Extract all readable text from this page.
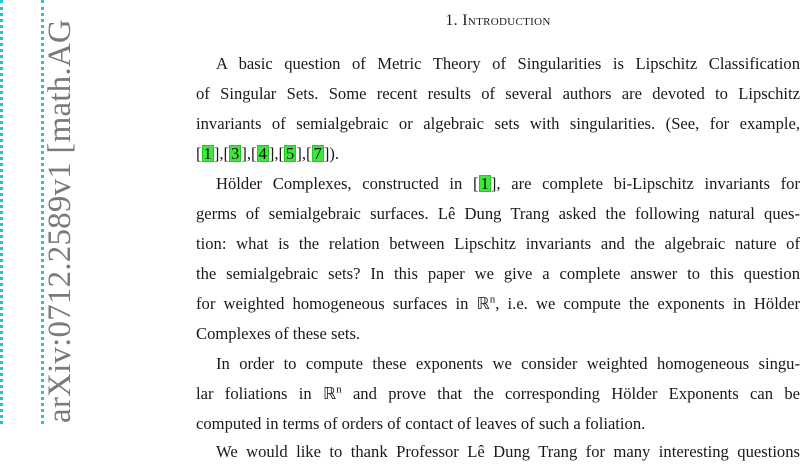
arXiv:0712.2589v1 [math.AG	1. Introduction
A basic question of Metric Theory of Singularities is Lipschitz Classification
of Singular Sets. Some recent results of several authors are devoted to Lipschitz
invariants of semialgebraic or algebraic sets with singularities. (See, for example,
[ 1 ],[ 3 ],[ 4 ],[ 5 ],[ 7 ]).
Hölder Complexes, constructed in [ 1 ], are complete bi-Lipschitz invariants for
germs of semialgebraic surfaces. Lê Dung Trang asked the following natural ques-
tion: what is the relation between Lipschitz invariants and the algebraic nature of
the semialgebraic sets? In this paper we give a complete answer to this question
for weighted homogeneous surfaces in ℝ$^n$, i.e. we compute the exponents in Hölder
Complexes of these sets.
In order to compute these exponents we consider weighted homogeneous singu-
lar foliations in ℝ$^n$ and prove that the corresponding Hölder Exponents can be
computed in terms of orders of contact of leaves of such a foliation.
We would like to thank Professor Lê Dung Trang for many interesting questions
